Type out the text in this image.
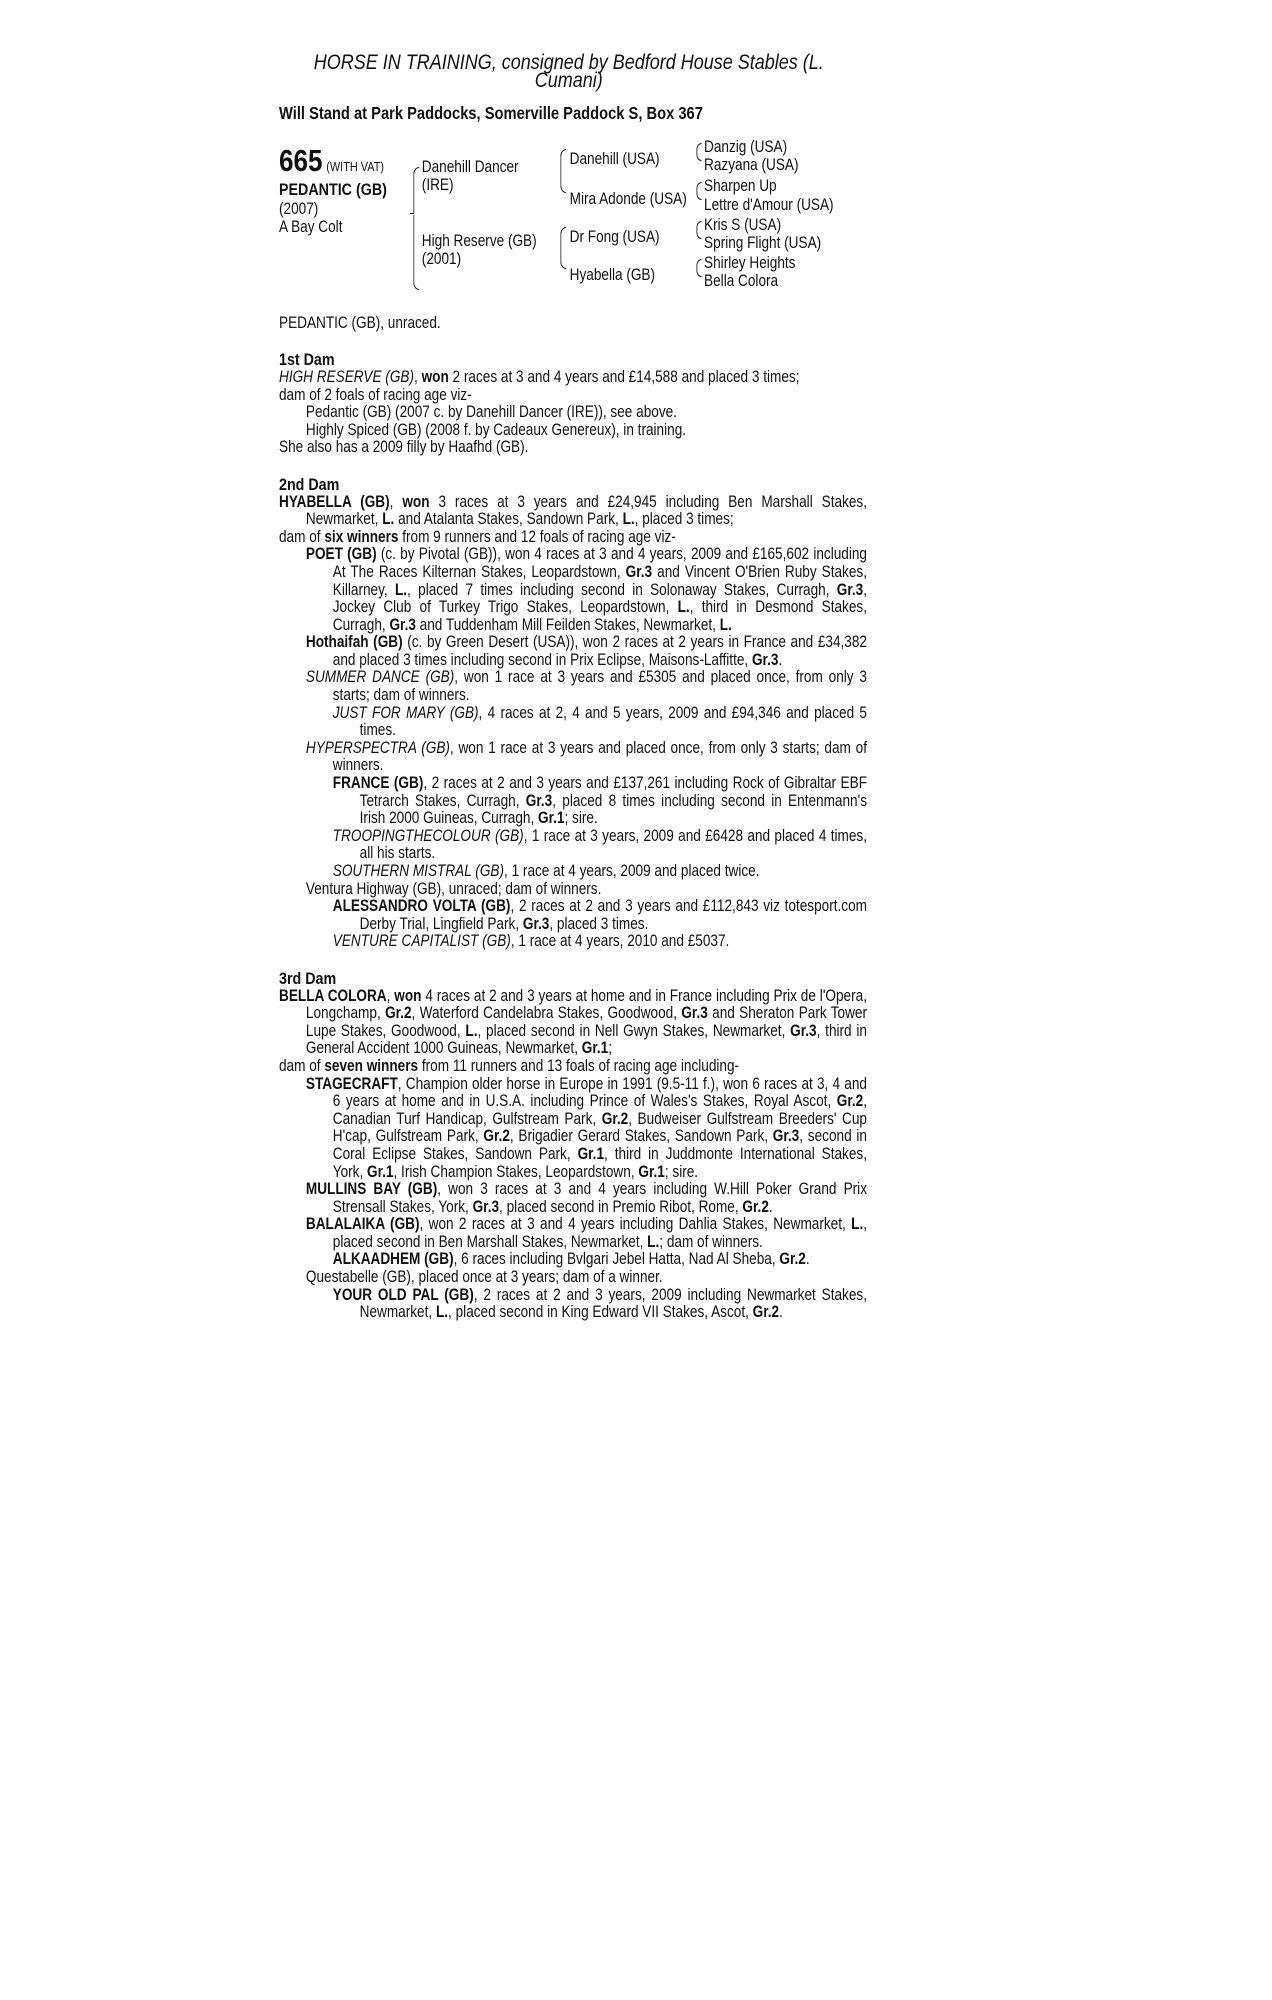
HORSE IN TRAINING, consigned by Bedford House Stables (L. Cumani)
Will Stand at Park Paddocks, Somerville Paddock S, Box 367
665 (WITH VAT)
PEDANTIC (GB)
(2007)
A Bay Colt
Danehill Dancer
(IRE)
High Reserve (GB)
(2001)
Danehill (USA)
Mira Adonde (USA)
Dr Fong (USA)
Hyabella (GB)
Danzig (USA)
Razyana (USA)
Sharpen Up
Lettre d'Amour (USA)
Kris S (USA)
Spring Flight (USA)
Shirley Heights
Bella Colora

PEDANTIC (GB), unraced.

1st Dam

HIGH RESERVE (GB), won 2 races at 3 and 4 years and £14,588 and placed 3 times;

dam of 2 foals of racing age viz-

Pedantic (GB) (2007 c. by Danehill Dancer (IRE)), see above.

Highly Spiced (GB) (2008 f. by Cadeaux Genereux), in training.

She also has a 2009 filly by Haafhd (GB).

2nd Dam

HYABELLA (GB), won 3 races at 3 years and £24,945 including Ben Marshall Stakes, Newmarket, L. and Atalanta Stakes, Sandown Park, L., placed 3 times;

dam of six winners from 9 runners and 12 foals of racing age viz-

POET (GB) (c. by Pivotal (GB)), won 4 races at 3 and 4 years, 2009 and £165,602 including At The Races Kilternan Stakes, Leopardstown, Gr.3 and Vincent O'Brien Ruby Stakes, Killarney, L., placed 7 times including second in Solonaway Stakes, Curragh, Gr.3, Jockey Club of Turkey Trigo Stakes, Leopardstown, L., third in Desmond Stakes, Curragh, Gr.3 and Tuddenham Mill Feilden Stakes, Newmarket, L.

Hothaifah (GB) (c. by Green Desert (USA)), won 2 races at 2 years in France and £34,382 and placed 3 times including second in Prix Eclipse, Maisons-Laffitte, Gr.3.

SUMMER DANCE (GB), won 1 race at 3 years and £5305 and placed once, from only 3 starts; dam of winners.

JUST FOR MARY (GB), 4 races at 2, 4 and 5 years, 2009 and £94,346 and placed 5 times.

HYPERSPECTRA (GB), won 1 race at 3 years and placed once, from only 3 starts; dam of winners.

FRANCE (GB), 2 races at 2 and 3 years and £137,261 including Rock of Gibraltar EBF Tetrarch Stakes, Curragh, Gr.3, placed 8 times including second in Entenmann's Irish 2000 Guineas, Curragh, Gr.1; sire.

TROOPINGTHECOLOUR (GB), 1 race at 3 years, 2009 and £6428 and placed 4 times, all his starts.

SOUTHERN MISTRAL (GB), 1 race at 4 years, 2009 and placed twice.

Ventura Highway (GB), unraced; dam of winners.

ALESSANDRO VOLTA (GB), 2 races at 2 and 3 years and £112,843 viz totesport.com Derby Trial, Lingfield Park, Gr.3, placed 3 times.

VENTURE CAPITALIST (GB), 1 race at 4 years, 2010 and £5037.

3rd Dam

BELLA COLORA, won 4 races at 2 and 3 years at home and in France including Prix de l'Opera, Longchamp, Gr.2, Waterford Candelabra Stakes, Goodwood, Gr.3 and Sheraton Park Tower Lupe Stakes, Goodwood, L., placed second in Nell Gwyn Stakes, Newmarket, Gr.3, third in General Accident 1000 Guineas, Newmarket, Gr.1;

dam of seven winners from 11 runners and 13 foals of racing age including-

STAGECRAFT, Champion older horse in Europe in 1991 (9.5-11 f.), won 6 races at 3, 4 and 6 years at home and in U.S.A. including Prince of Wales's Stakes, Royal Ascot, Gr.2, Canadian Turf Handicap, Gulfstream Park, Gr.2, Budweiser Gulfstream Breeders' Cup H'cap, Gulfstream Park, Gr.2, Brigadier Gerard Stakes, Sandown Park, Gr.3, second in Coral Eclipse Stakes, Sandown Park, Gr.1, third in Juddmonte International Stakes, York, Gr.1, Irish Champion Stakes, Leopardstown, Gr.1; sire.

MULLINS BAY (GB), won 3 races at 3 and 4 years including W.Hill Poker Grand Prix Strensall Stakes, York, Gr.3, placed second in Premio Ribot, Rome, Gr.2.

BALALAIKA (GB), won 2 races at 3 and 4 years including Dahlia Stakes, Newmarket, L., placed second in Ben Marshall Stakes, Newmarket, L.; dam of winners.

ALKAADHEM (GB), 6 races including Bvlgari Jebel Hatta, Nad Al Sheba, Gr.2.

Questabelle (GB), placed once at 3 years; dam of a winner.

YOUR OLD PAL (GB), 2 races at 2 and 3 years, 2009 including Newmarket Stakes, Newmarket, L., placed second in King Edward VII Stakes, Ascot, Gr.2.
